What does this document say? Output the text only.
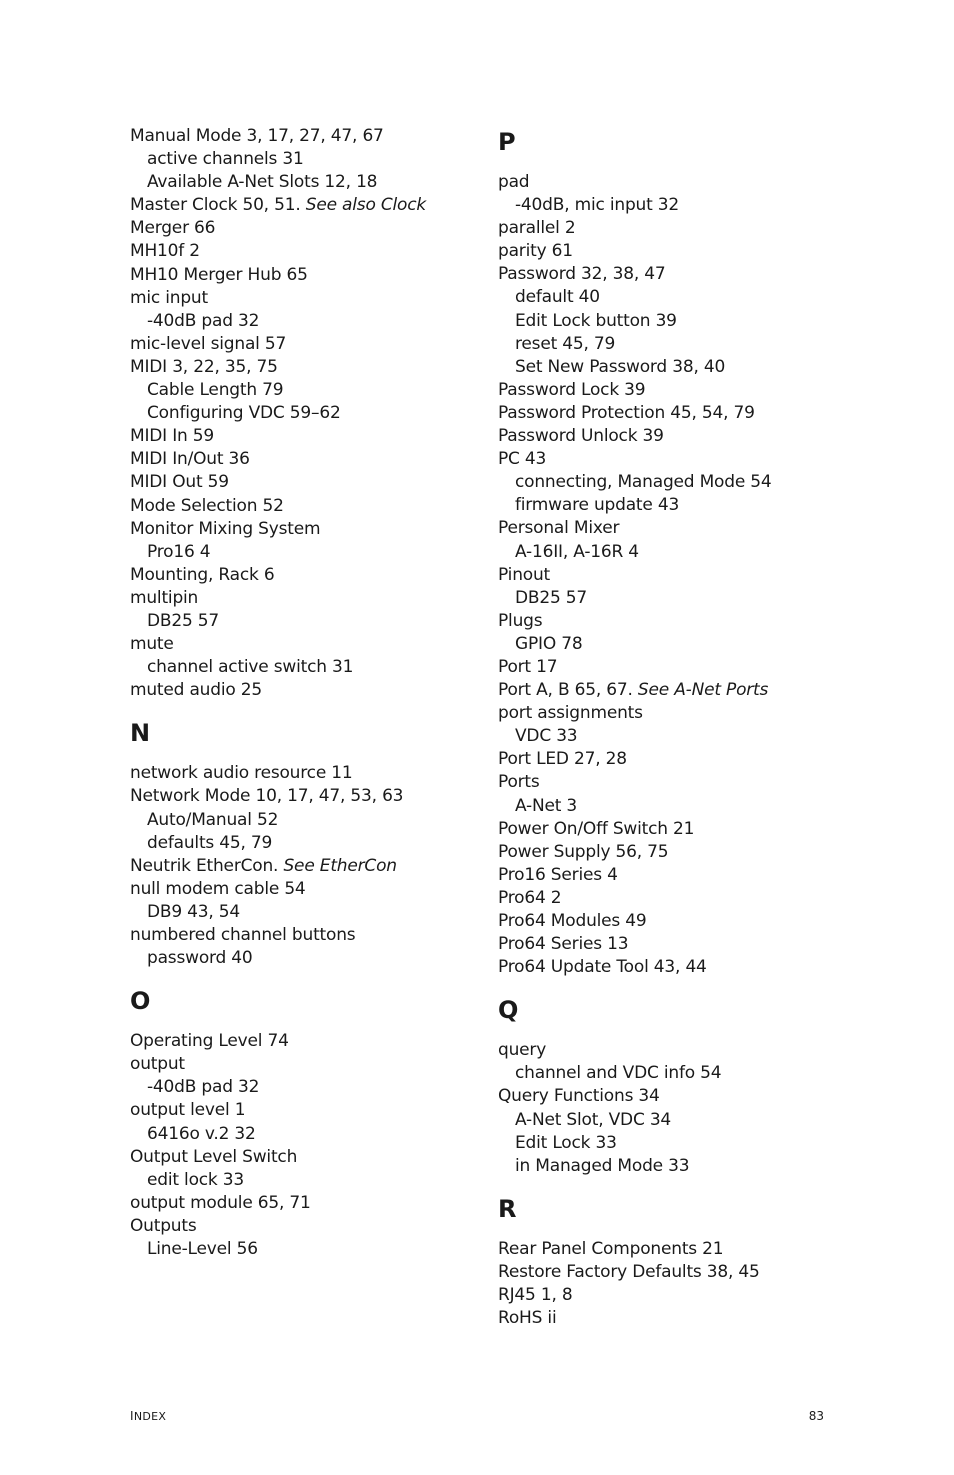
Manual Mode 3, 17, 27, 47, 67
active channels 31
Available A-Net Slots 12, 18
Master Clock 50, 51. See also Clock
Merger 66
MH10f 2
MH10 Merger Hub 65
mic input
-40dB pad 32
mic-level signal 57
MIDI 3, 22, 35, 75
Cable Length 79
Configuring VDC 59–62
MIDI In 59
MIDI In/Out 36
MIDI Out 59
Mode Selection 52
Monitor Mixing System
Pro16 4
Mounting, Rack 6
multipin
DB25 57
mute
channel active switch 31
muted audio 25
N
network audio resource 11
Network Mode 10, 17, 47, 53, 63
Auto/Manual 52
defaults 45, 79
Neutrik EtherCon. See EtherCon
null modem cable 54
DB9 43, 54
numbered channel buttons
password 40
O
Operating Level 74
output
-40dB pad 32
output level 1
6416o v.2 32
Output Level Switch
edit lock 33
output module 65, 71
Outputs
Line-Level 56
P
pad
-40dB, mic input 32
parallel 2
parity 61
Password 32, 38, 47
default 40
Edit Lock button 39
reset 45, 79
Set New Password 38, 40
Password Lock 39
Password Protection 45, 54, 79
Password Unlock 39
PC 43
connecting, Managed Mode 54
firmware update 43
Personal Mixer
A-16II, A-16R 4
Pinout
DB25 57
Plugs
GPIO 78
Port 17
Port A, B 65, 67. See A-Net Ports
port assignments
VDC 33
Port LED 27, 28
Ports
A-Net 3
Power On/Off Switch 21
Power Supply 56, 75
Pro16 Series 4
Pro64 2
Pro64 Modules 49
Pro64 Series 13
Pro64 Update Tool 43, 44
Q
query
channel and VDC info 54
Query Functions 34
A-Net Slot, VDC 34
Edit Lock 33
in Managed Mode 33
R
Rear Panel Components 21
Restore Factory Defaults 38, 45
RJ45 1, 8
RoHS ii
INDEX	83
